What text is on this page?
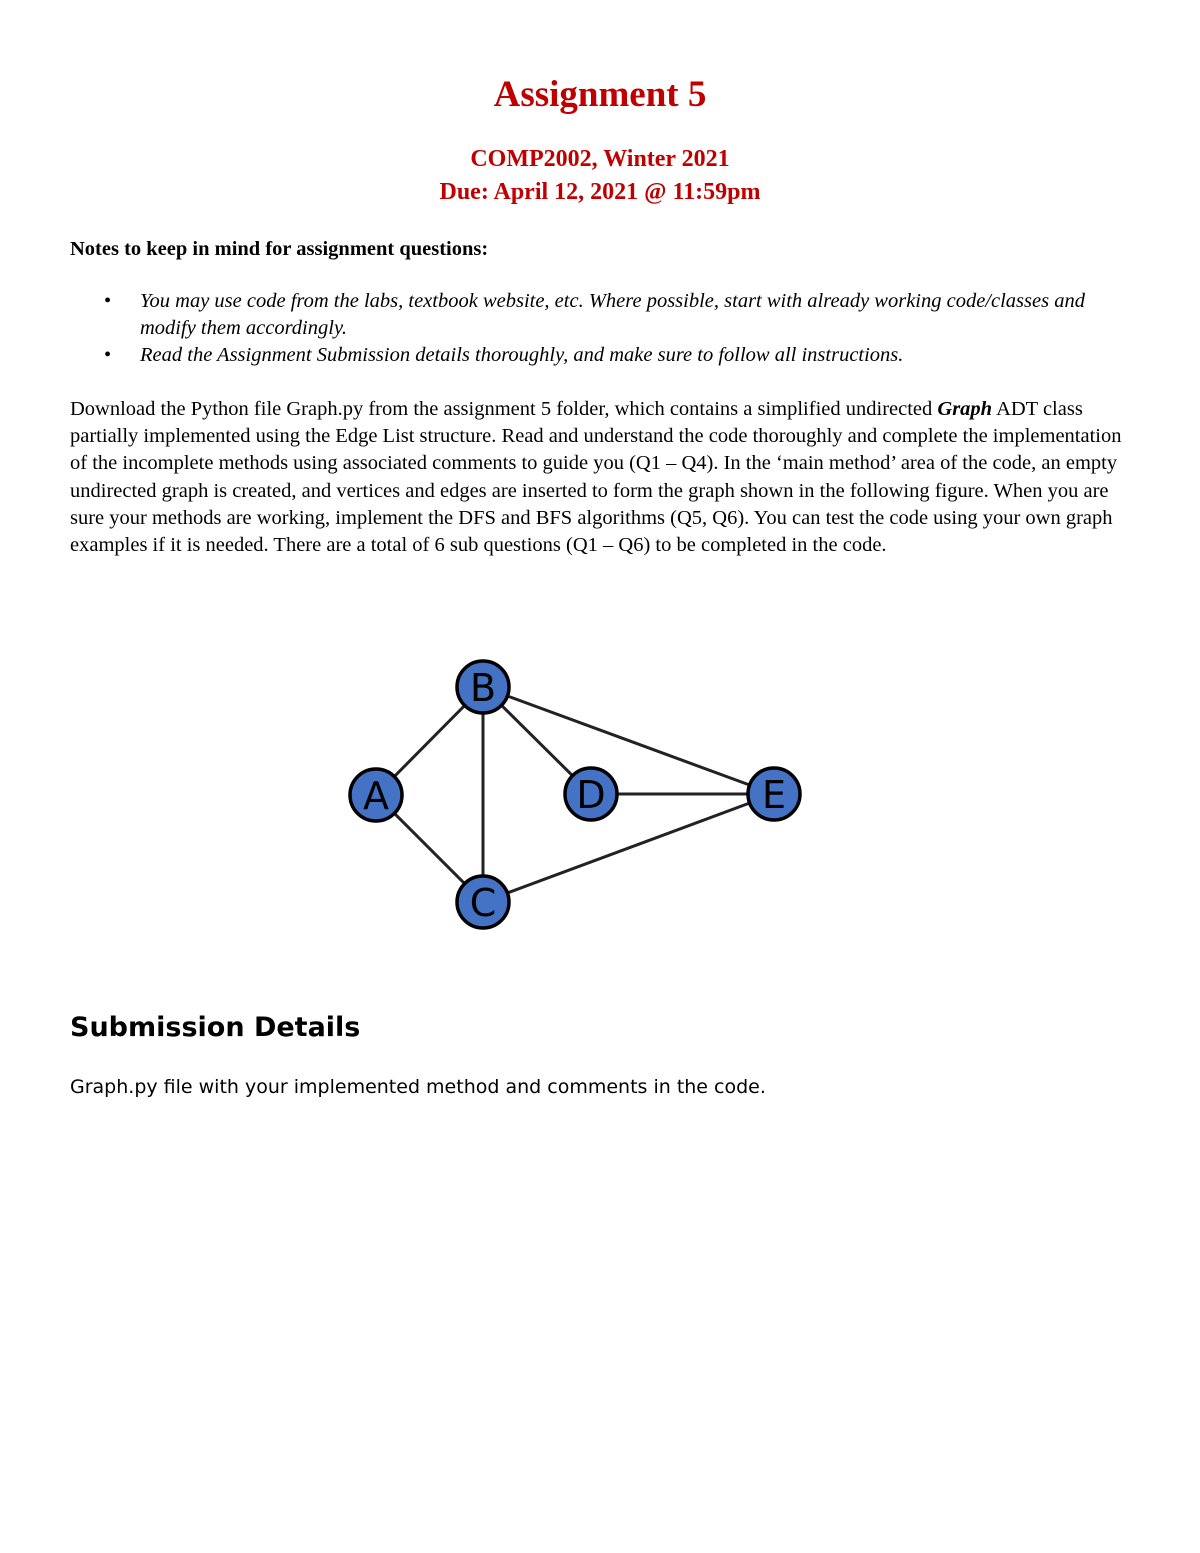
Assignment 5

COMP2002, Winter 2021

Due: April 12, 2021 @ 11:59pm

Notes to keep in mind for assignment questions:

• You may use code from the labs, textbook website, etc. Where possible, start with already working code/classes and modify them accordingly.
• Read the Assignment Submission details thoroughly, and make sure to follow all instructions.

Download the Python file Graph.py from the assignment 5 folder, which contains a simplified undirected Graph ADT class partially implemented using the Edge List structure. Read and understand the code thoroughly and complete the implementation of the incomplete methods using associated comments to guide you (Q1 – Q4). In the ‘main method’ area of the code, an empty undirected graph is created, and vertices and edges are inserted to form the graph shown in the following figure. When you are sure your methods are working, implement the DFS and BFS algorithms (Q5, Q6). You can test the code using your own graph examples if it is needed. There are a total of 6 sub questions (Q1 – Q6) to be completed in the code.

A
B
C
D	E
Submission Details

Graph.py file with your implemented method and comments in the code.
